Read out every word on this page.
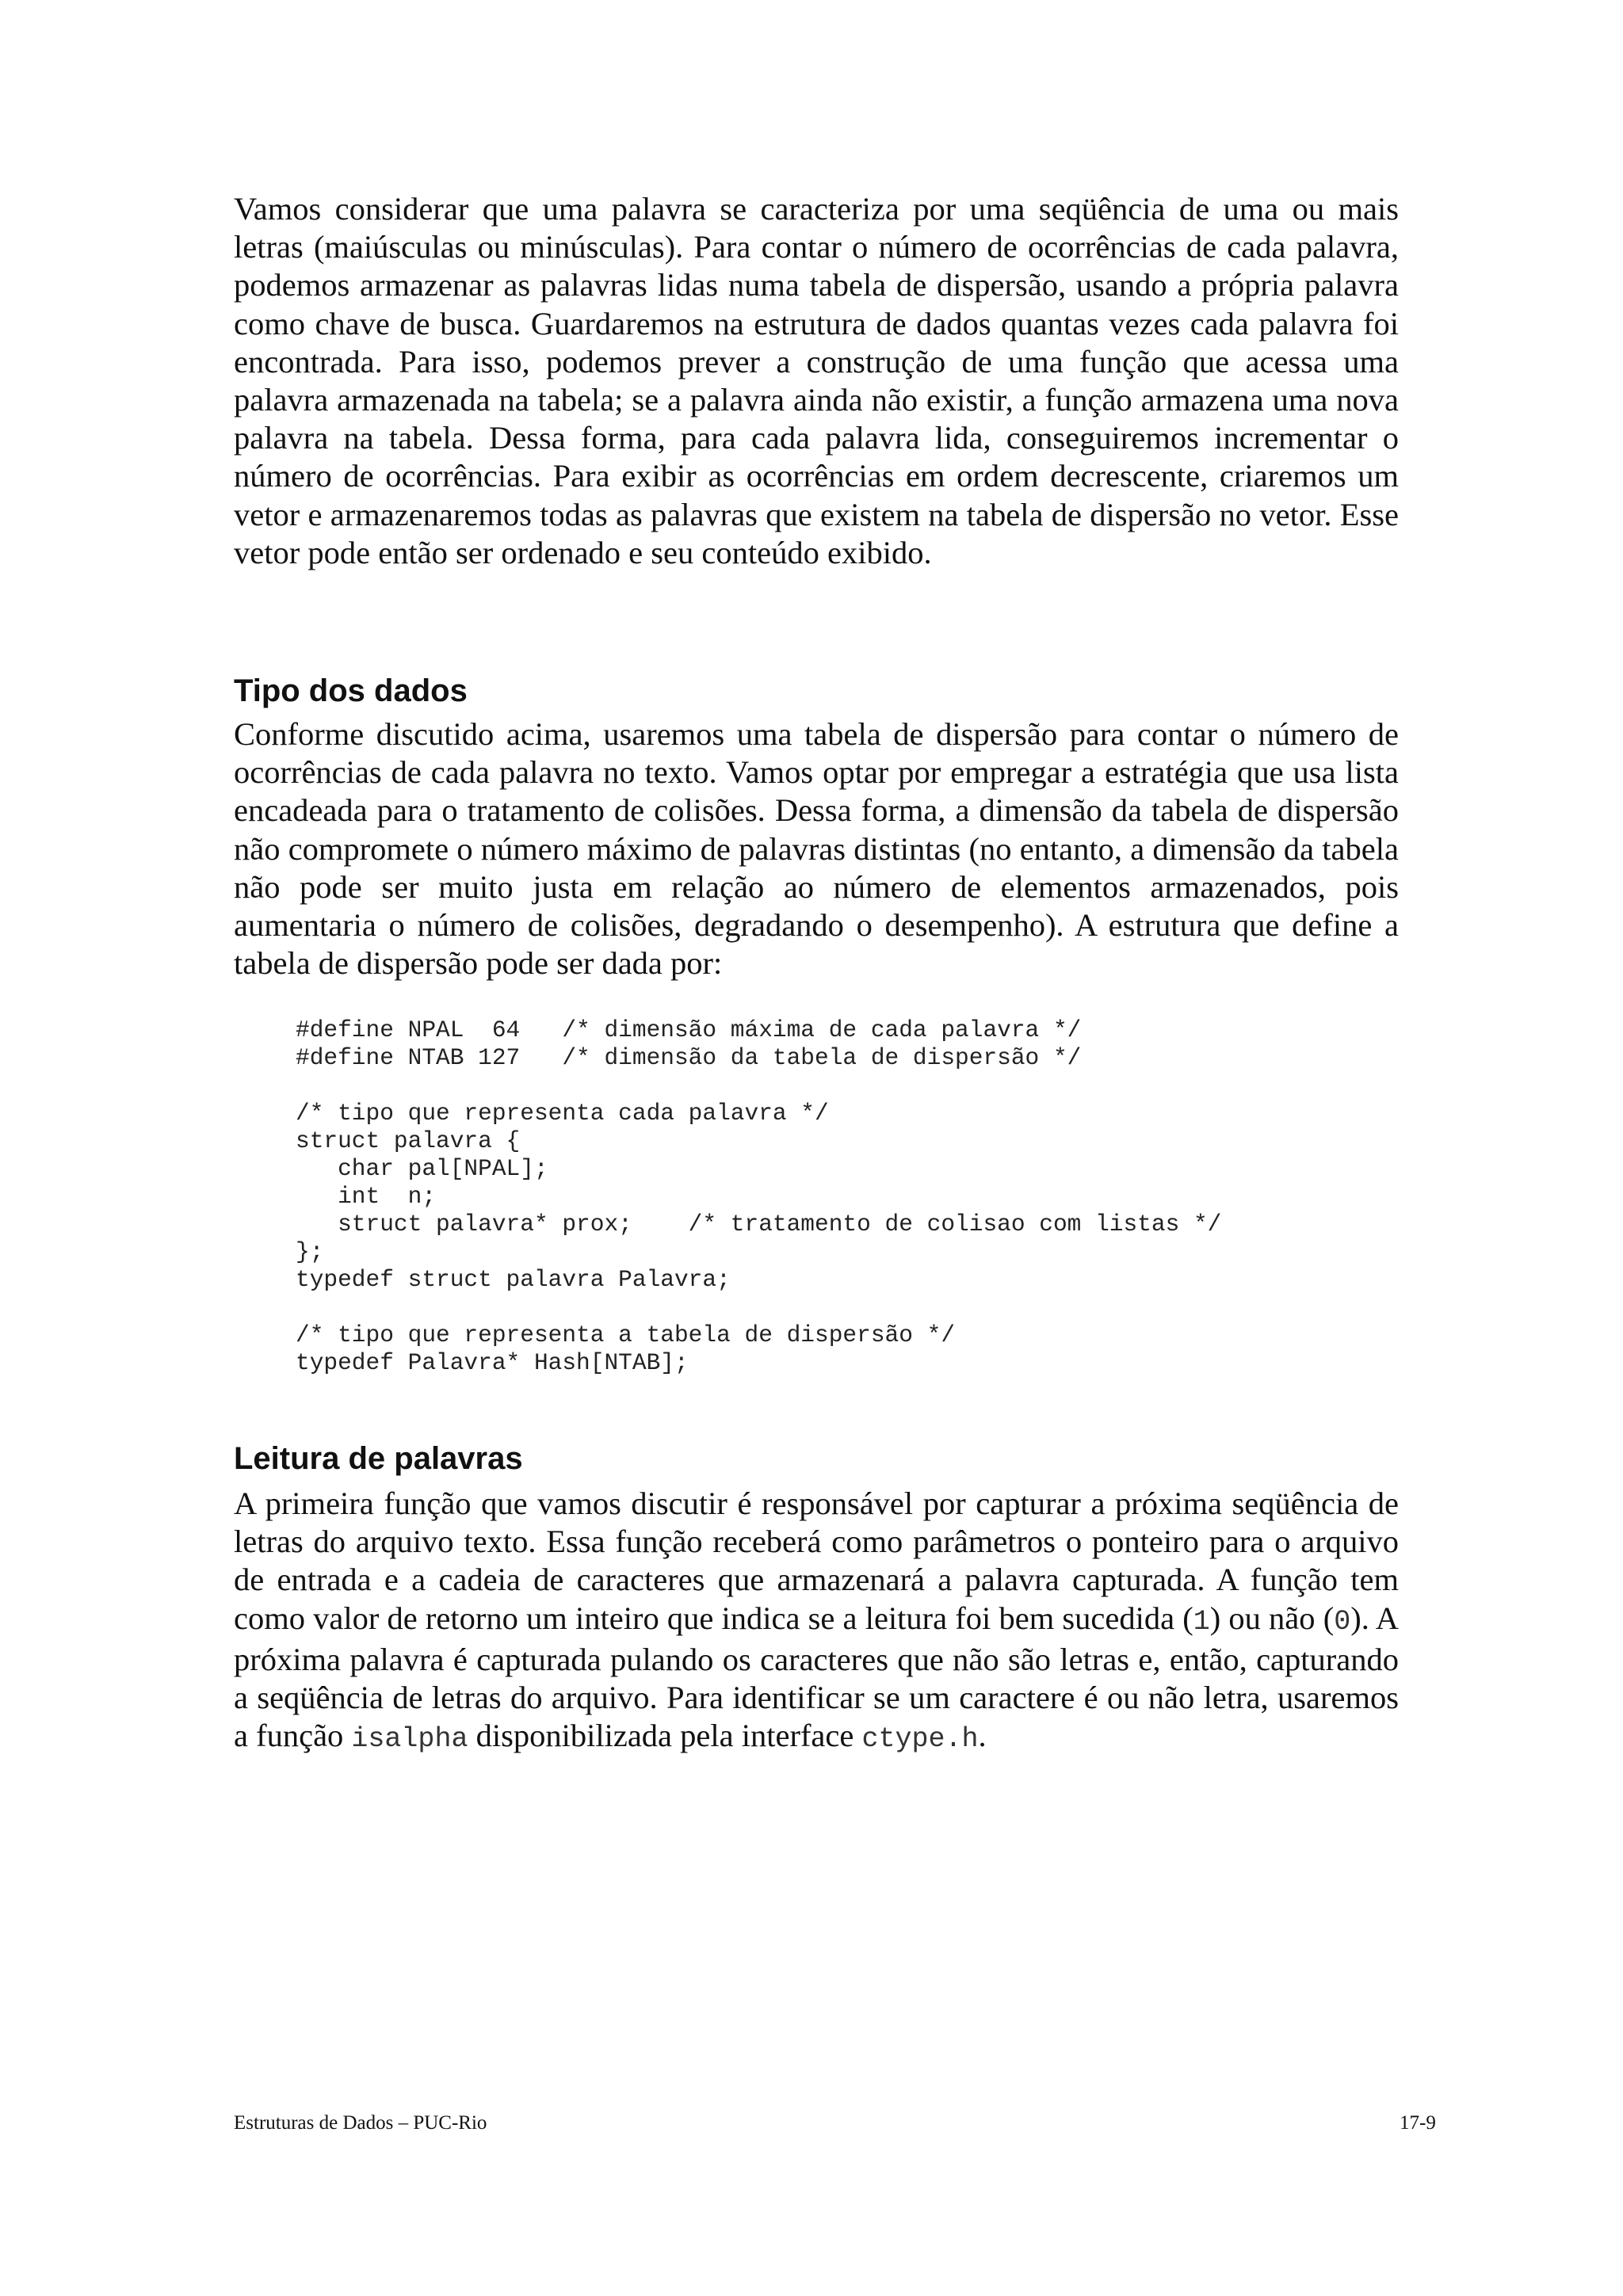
Vamos considerar que uma palavra se caracteriza por uma seqüência de uma ou mais letras (maiúsculas ou minúsculas). Para contar o número de ocorrências de cada palavra, podemos armazenar as palavras lidas numa tabela de dispersão, usando a própria palavra como chave de busca. Guardaremos na estrutura de dados quantas vezes cada palavra foi encontrada. Para isso, podemos prever a construção de uma função que acessa uma palavra armazenada na tabela; se a palavra ainda não existir, a função armazena uma nova palavra na tabela. Dessa forma, para cada palavra lida, conseguiremos incrementar o número de ocorrências. Para exibir as ocorrências em ordem decrescente, criaremos um vetor e armazenaremos todas as palavras que existem na tabela de dispersão no vetor. Esse vetor pode então ser ordenado e seu conteúdo exibido.

Tipo dos dados

Conforme discutido acima, usaremos uma tabela de dispersão para contar o número de ocorrências de cada palavra no texto. Vamos optar por empregar a estratégia que usa lista encadeada para o tratamento de colisões. Dessa forma, a dimensão da tabela de dispersão não compromete o número máximo de palavras distintas (no entanto, a dimensão da tabela não pode ser muito justa em relação ao número de elementos armazenados, pois aumentaria o número de colisões, degradando o desempenho). A estrutura que define a tabela de dispersão pode ser dada por:

#define NPAL  64   /* dimensão máxima de cada palavra */
#define NTAB 127   /* dimensão da tabela de dispersão */

/* tipo que representa cada palavra */
struct palavra {
char pal[NPAL];
int  n;
struct palavra* prox;    /* tratamento de colisao com listas */
};
typedef struct palavra Palavra;

/* tipo que representa a tabela de dispersão */
typedef Palavra* Hash[NTAB];
Leitura de palavras

A primeira função que vamos discutir é responsável por capturar a próxima seqüência de letras do arquivo texto. Essa função receberá como parâmetros o ponteiro para o arquivo de entrada e a cadeia de caracteres que armazenará a palavra capturada. A função tem como valor de retorno um inteiro que indica se a leitura foi bem sucedida (1) ou não (0). A próxima palavra é capturada pulando os caracteres que não são letras e, então, capturando a seqüência de letras do arquivo. Para identificar se um caractere é ou não letra, usaremos a função isalpha disponibilizada pela interface ctype.h.

Estruturas de Dados – PUC-Rio	17-9
